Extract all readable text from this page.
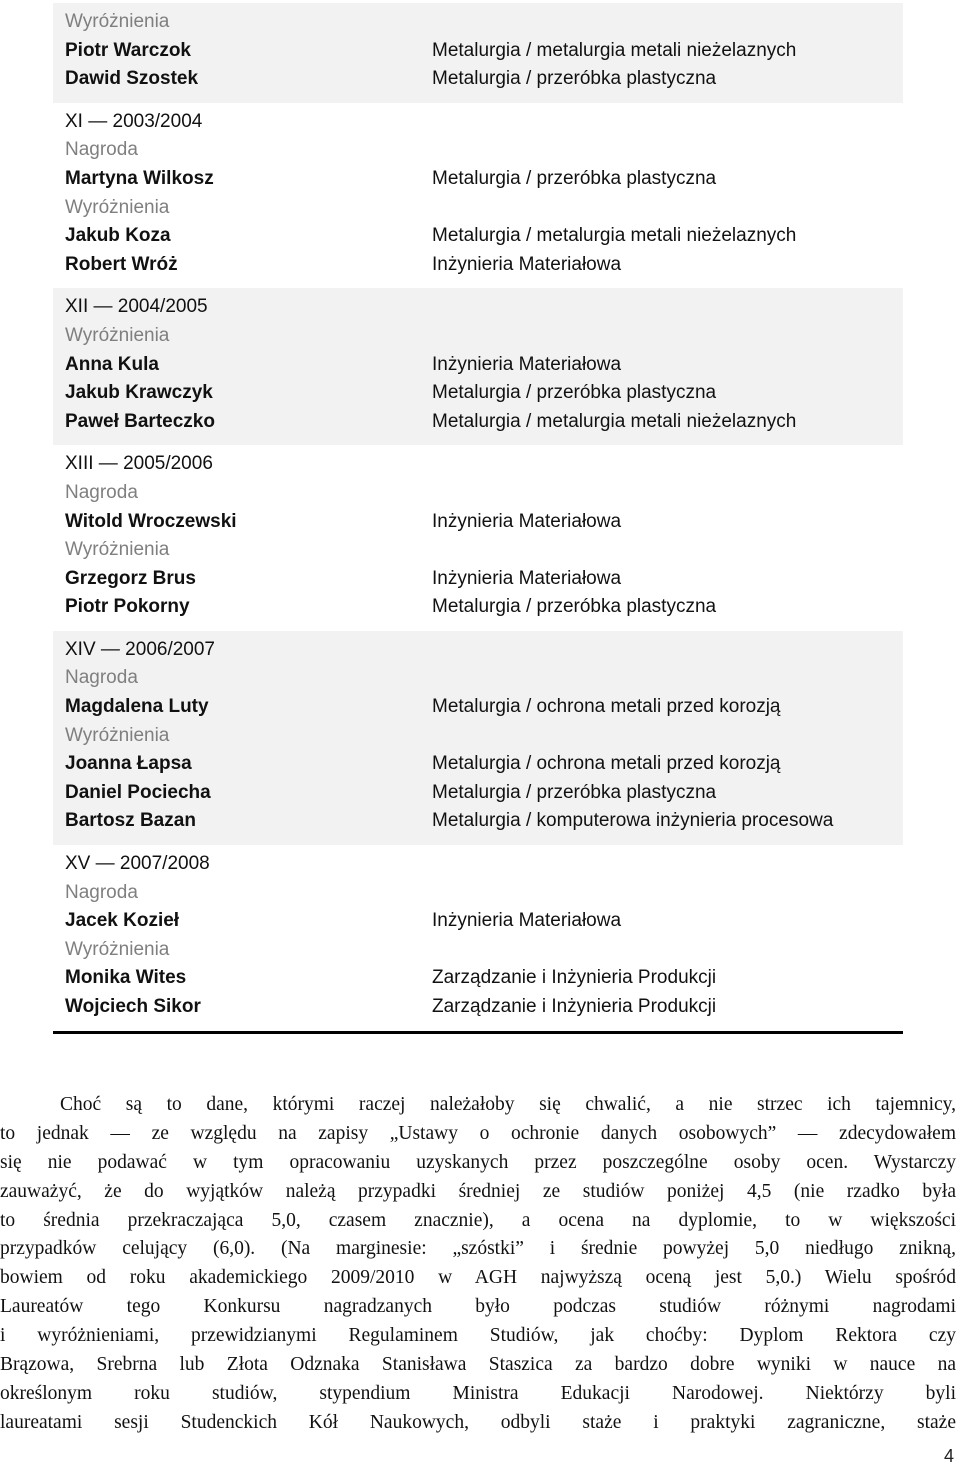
Wyróżnienia
Piotr Warczok
Dawid Szostek
Metalurgia / metalurgia metali nieżelaznych
Metalurgia / przeróbka plastyczna
XI — 2003/2004
Nagroda
Martyna Wilkosz
Wyróżnienia
Jakub Koza
Robert Wróż
Metalurgia / przeróbka plastyczna
Metalurgia / metalurgia metali nieżelaznych
Inżynieria Materiałowa
XII — 2004/2005
Wyróżnienia
Anna Kula
Jakub Krawczyk
Paweł Barteczko
Inżynieria Materiałowa
Metalurgia / przeróbka plastyczna
Metalurgia / metalurgia metali nieżelaznych
XIII — 2005/2006
Nagroda
Witold Wroczewski
Wyróżnienia
Grzegorz Brus
Piotr Pokorny
Inżynieria Materiałowa
Inżynieria Materiałowa
Metalurgia / przeróbka plastyczna
XIV — 2006/2007
Nagroda
Magdalena Luty
Wyróżnienia
Joanna Łapsa
Daniel Pociecha
Bartosz Bazan
Metalurgia / ochrona metali przed korozją
Metalurgia / ochrona metali przed korozją
Metalurgia / przeróbka plastyczna
Metalurgia / komputerowa inżynieria procesowa
XV — 2007/2008
Nagroda
Jacek Kozieł
Wyróżnienia
Monika Wites
Wojciech Sikor
Inżynieria Materiałowa
Zarządzanie i Inżynieria Produkcji
Zarządzanie i Inżynieria Produkcji
Choć są to dane, którymi raczej należałoby się chwalić, a nie strzec ich tajemnicy,
to jednak — ze względu na zapisy „Ustawy o ochronie danych osobowych” — zdecydowałem
się nie podawać w tym opracowaniu uzyskanych przez poszczególne osoby ocen. Wystarczy
zauważyć, że do wyjątków należą przypadki średniej ze studiów poniżej 4,5 (nie rzadko była
to średnia przekraczająca 5,0, czasem znacznie), a ocena na dyplomie, to w większości
przypadków celujący (6,0). (Na marginesie: „szóstki” i średnie powyżej 5,0 niedługo znikną,
bowiem od roku akademickiego 2009/2010 w AGH najwyższą oceną jest 5,0.) Wielu spośród
Laureatów tego Konkursu nagradzanych było podczas studiów różnymi nagrodami
i wyróżnieniami, przewidzianymi Regulaminem Studiów, jak choćby: Dyplom Rektora czy
Brązowa, Srebrna lub Złota Odznaka Stanisława Staszica za bardzo dobre wyniki w nauce na
określonym roku studiów, stypendium Ministra Edukacji Narodowej. Niektórzy byli
laureatami sesji Studenckich Kół Naukowych, odbyli staże i praktyki zagraniczne, staże
4
